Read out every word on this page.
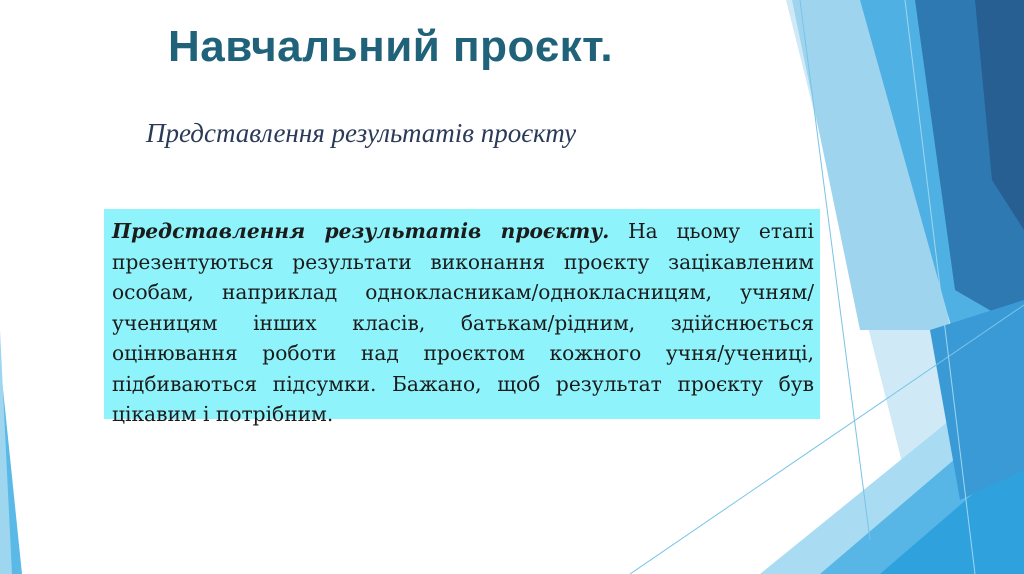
Навчальний проєкт.

Представлення результатів проєкту

Представлення результатів проєкту. На цьому етапі презентуються результати виконання проєкту зацікавленим особам, наприклад однокласникам/однокласницям, учням/ученицям інших класів, батькам/рідним, здійснюється оцінювання роботи над проєктом кожного учня/учениці, підбиваються підсумки. Бажано, щоб результат проєкту був цікавим і потрібним.
